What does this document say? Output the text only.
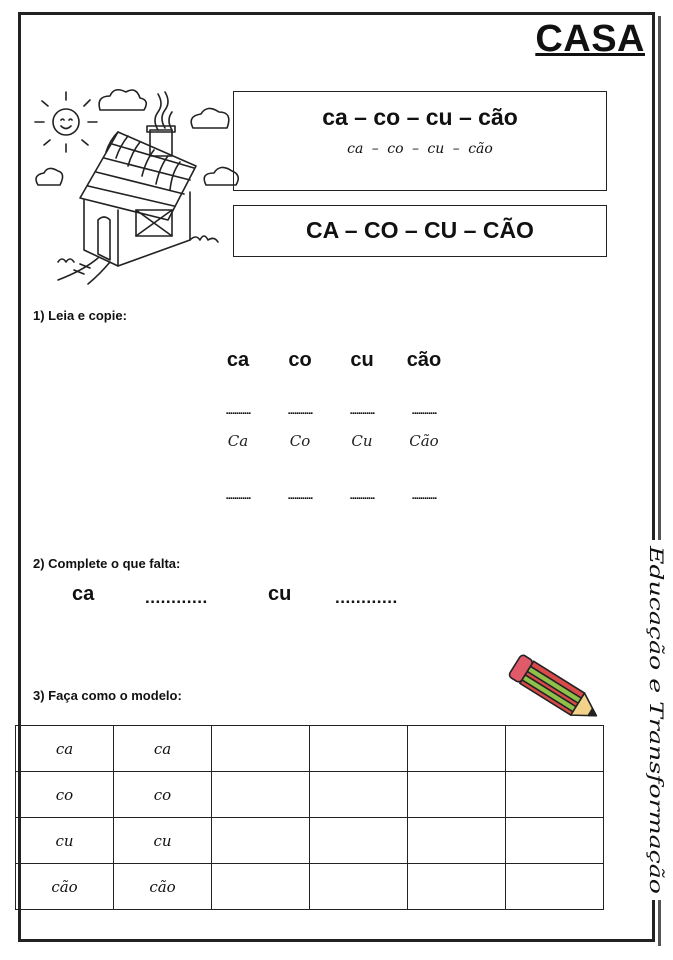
CASA
ca – co – cu – cão
ca – co – cu – cão
CA – CO – CU – CÃO
1) Leia e copie:
ca	co	cu	cão
............	............	............	............
Ca	Co	Cu	Cão
............	............	............	............
2) Complete o que falta:
ca	............	cu	............
3) Faça como o modelo:
ca	ca				
co	co				
cu	cu				
cão	cão				
Educação e Transformação
